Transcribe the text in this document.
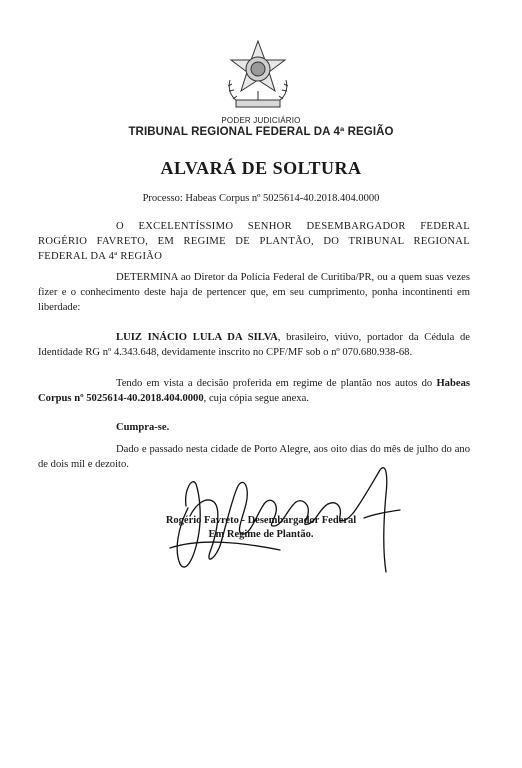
PODER JUDICIÁRIO
TRIBUNAL REGIONAL FEDERAL DA 4ª REGIÃO
ALVARÁ DE SOLTURA
Processo: Habeas Corpus nº 5025614-40.2018.404.0000
O EXCELENTÍSSIMO SENHOR DESEMBARGADOR FEDERAL ROGÉRIO FAVRETO, EM REGIME DE PLANTÃO, DO TRIBUNAL REGIONAL FEDERAL DA 4ª REGIÃO
DETERMINA ao Diretor da Polícia Federal de Curitiba/PR, ou a quem suas vezes fizer e o conhecimento deste haja de pertencer que, em seu cumprimento, ponha incontinenti em liberdade:
LUIZ INÁCIO LULA DA SILVA, brasileiro, viúvo, portador da Cédula de Identidade RG nº 4.343.648, devidamente inscrito no CPF/MF sob o nº 070.680.938-68.
Tendo em vista a decisão proferida em regime de plantão nos autos do Habeas Corpus nº 5025614-40.2018.404.0000, cuja cópia segue anexa.
Cumpra-se.
Dado e passado nesta cidade de Porto Alegre, aos oito dias do mês de julho do ano de dois mil e dezoito.
Rogério Favreto - Desembargador Federal
Em Regime de Plantão.
